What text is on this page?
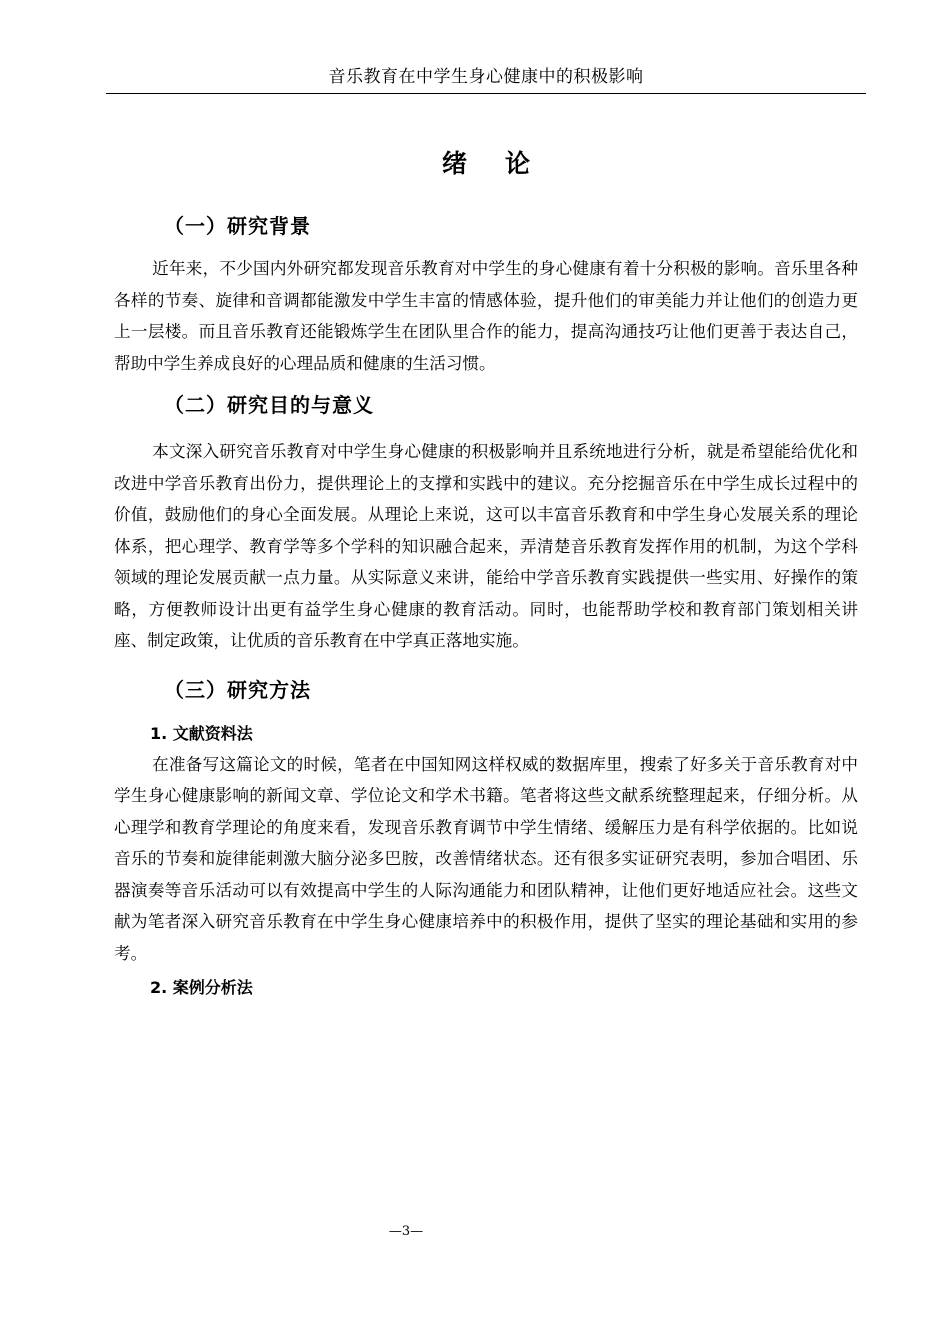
音乐教育在中学生身心健康中的积极影响
绪论
（一）研究背景

近年来，不少国内外研究都发现音乐教育对中学生的身心健康有着十分积极的影响。音乐里各种各样的节奏、旋律和音调都能激发中学生丰富的情感体验，提升他们的审美能力并让他们的创造力更上一层楼。而且音乐教育还能锻炼学生在团队里合作的能力，提高沟通技巧让他们更善于表达自己，帮助中学生养成良好的心理品质和健康的生活习惯。

（二）研究目的与意义

本文深入研究音乐教育对中学生身心健康的积极影响并且系统地进行分析，就是希望能给优化和改进中学音乐教育出份力，提供理论上的支撑和实践中的建议。充分挖掘音乐在中学生成长过程中的价值，鼓励他们的身心全面发展。从理论上来说，这可以丰富音乐教育和中学生身心发展关系的理论体系，把心理学、教育学等多个学科的知识融合起来，弄清楚音乐教育发挥作用的机制，为这个学科领域的理论发展贡献一点力量。从实际意义来讲，能给中学音乐教育实践提供一些实用、好操作的策略，方便教师设计出更有益学生身心健康的教育活动。同时，也能帮助学校和教育部门策划相关讲座、制定政策，让优质的音乐教育在中学真正落地实施。

（三）研究方法
1. 文献资料法

在准备写这篇论文的时候，笔者在中国知网这样权威的数据库里，搜索了好多关于音乐教育对中学生身心健康影响的新闻文章、学位论文和学术书籍。笔者将这些文献系统整理起来，仔细分析。从心理学和教育学理论的角度来看，发现音乐教育调节中学生情绪、缓解压力是有科学依据的。比如说音乐的节奏和旋律能刺激大脑分泌多巴胺，改善情绪状态。还有很多实证研究表明，参加合唱团、乐器演奏等音乐活动可以有效提高中学生的人际沟通能力和团队精神，让他们更好地适应社会。这些文献为笔者深入研究音乐教育在中学生身心健康培养中的积极作用，提供了坚实的理论基础和实用的参考。

2. 案例分析法
—3—
